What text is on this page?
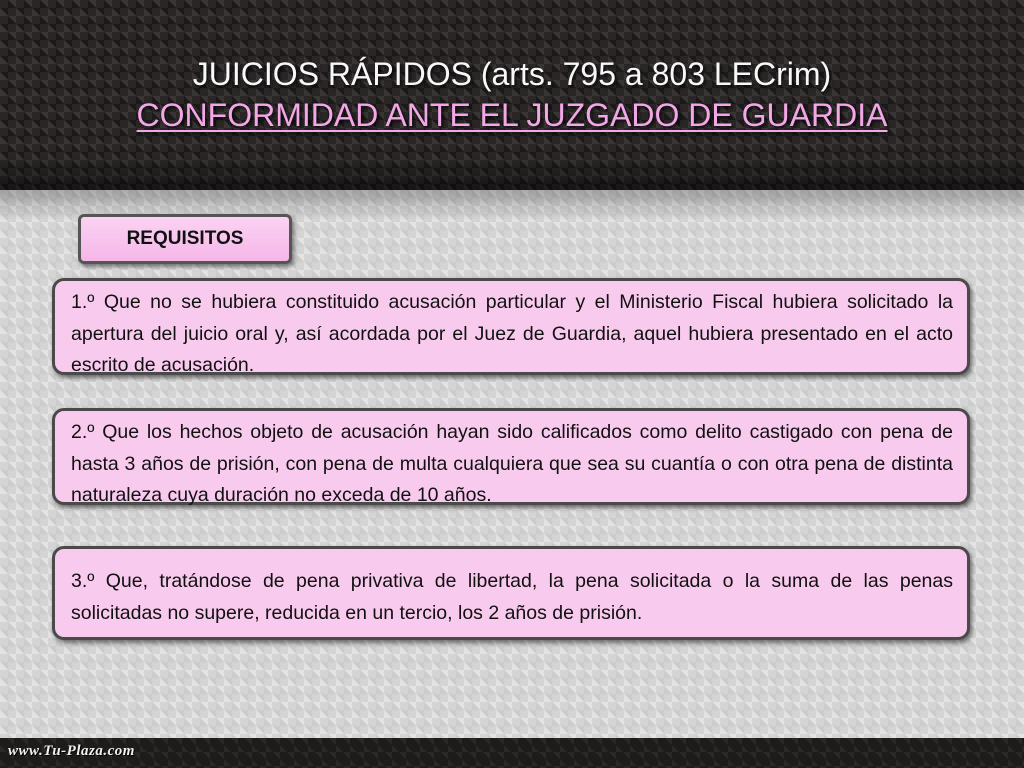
www.Tu-Plaza.com
JUICIOS RÁPIDOS (arts. 795 a 803 LECrim)
CONFORMIDAD ANTE EL JUZGADO DE GUARDIA
REQUISITOS

1.º Que no se hubiera constituido acusación particular y el Ministerio Fiscal hubiera solicitado la apertura del juicio oral y, así acordada por el Juez de Guardia, aquel hubiera presentado en el acto escrito de acusación.

2.º Que los hechos objeto de acusación hayan sido calificados como delito castigado con pena de hasta 3 años de prisión, con pena de multa cualquiera que sea su cuantía o con otra pena de distinta naturaleza cuya duración no exceda de 10 años.

3.º Que, tratándose de pena privativa de libertad, la pena solicitada o la suma de las penas solicitadas no supere, reducida en un tercio, los 2 años de prisión.
